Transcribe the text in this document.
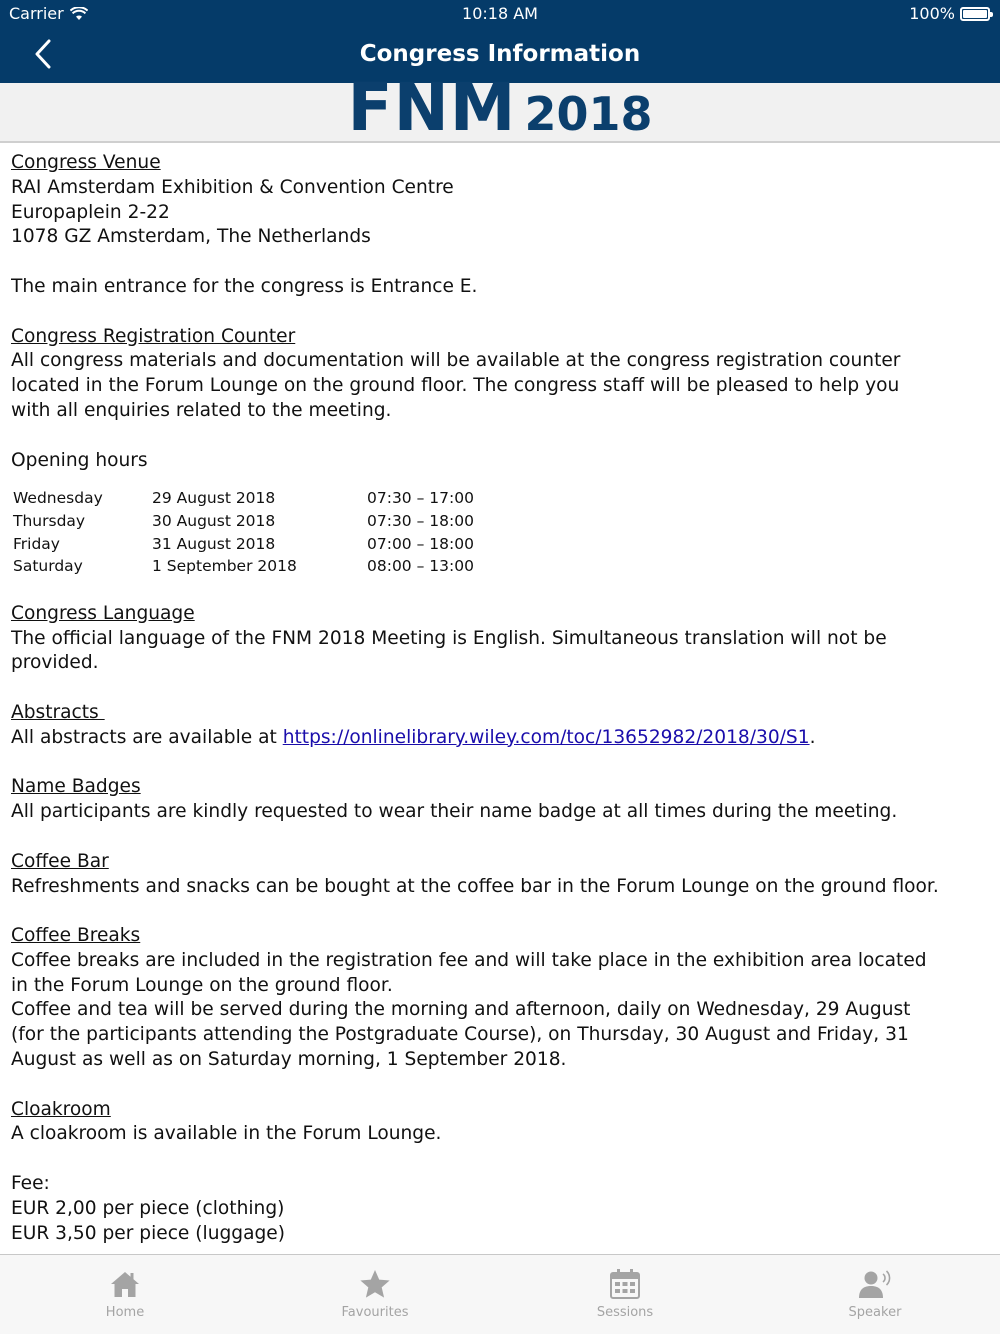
Carrier	10:18 AM	100%
Congress Information
FNM 2018

Congress Venue

RAI Amsterdam Exhibition & Convention Centre

Europaplein 2-22

1078 GZ Amsterdam, The Netherlands

The main entrance for the congress is Entrance E.

Congress Registration Counter

All congress materials and documentation will be available at the congress registration counter located in the Forum Lounge on the ground floor. The congress staff will be pleased to help you with all enquiries related to the meeting.

Opening hours

Wednesday	29 August 2018	07:30 – 17:00
Thursday	30 August 2018	07:30 – 18:00
Friday	31 August 2018	07:00 – 18:00
Saturday	1 September 2018	08:00 – 13:00

Congress Language

The official language of the FNM 2018 Meeting is English. Simultaneous translation will not be provided.

Abstracts

All abstracts are available at https://onlinelibrary.wiley.com/toc/13652982/2018/30/S1.

Name Badges

All participants are kindly requested to wear their name badge at all times during the meeting.

Coffee Bar

Refreshments and snacks can be bought at the coffee bar in the Forum Lounge on the ground floor.

Coffee Breaks

Coffee breaks are included in the registration fee and will take place in the exhibition area located in the Forum Lounge on the ground floor.

Coffee and tea will be served during the morning and afternoon, daily on Wednesday, 29 August (for the participants attending the Postgraduate Course), on Thursday, 30 August and Friday, 31 August as well as on Saturday morning, 1 September 2018.

Cloakroom

A cloakroom is available in the Forum Lounge.

Fee:

EUR 2,00 per piece (clothing)

EUR 3,50 per piece (luggage)

Home	Favourites	Sessions	Speaker
